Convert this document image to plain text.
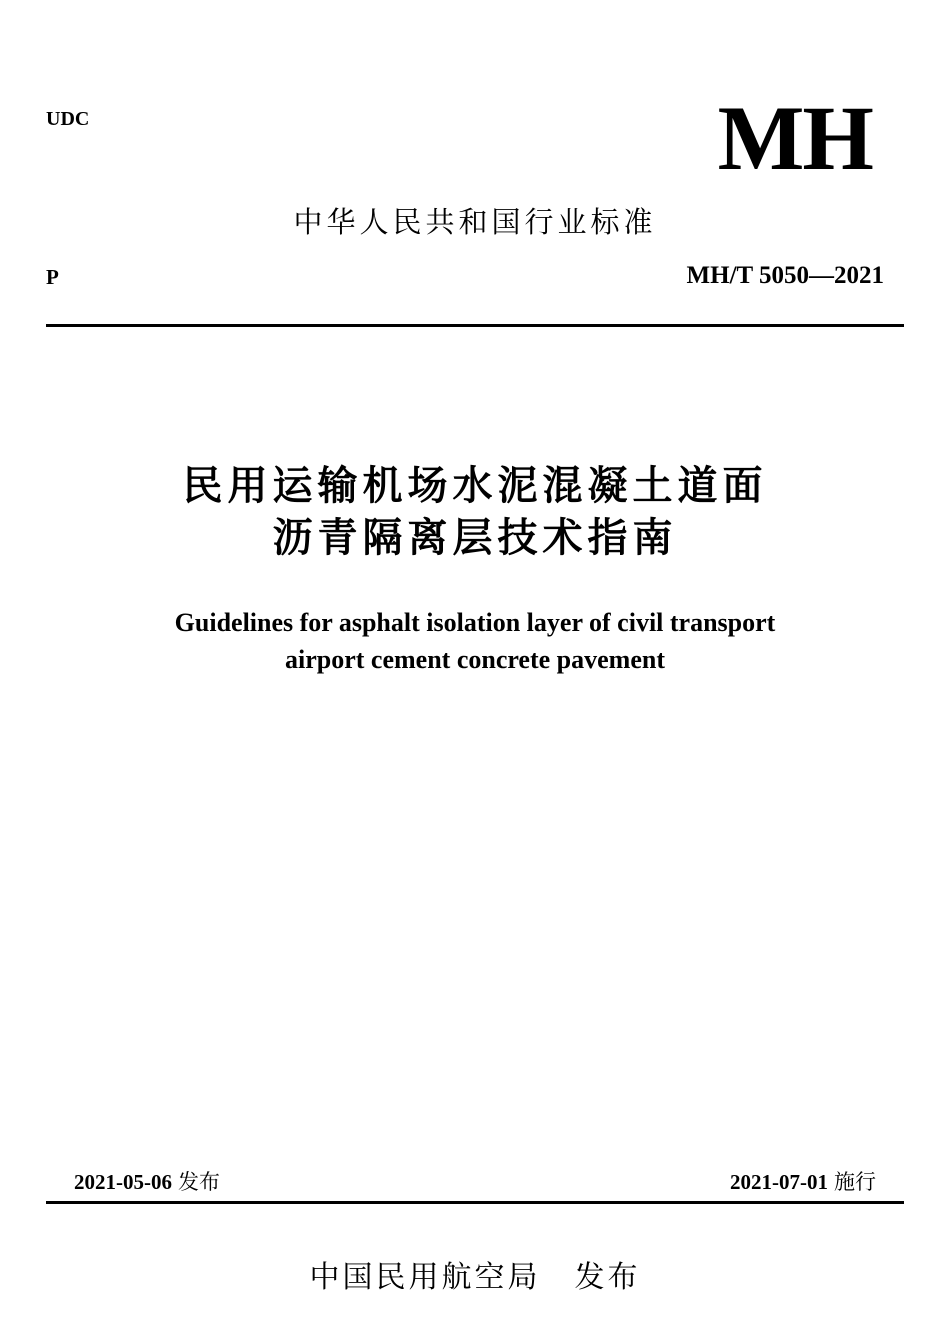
UDC	MH
中华人民共和国行业标准
P	MH/T 5050—2021
民用运输机场水泥混凝土道面
沥青隔离层技术指南
Guidelines for asphalt isolation layer of civil transport
airport cement concrete pavement
2021-05-06 发布	2021-07-01 施行
中国民用航空局 发布
